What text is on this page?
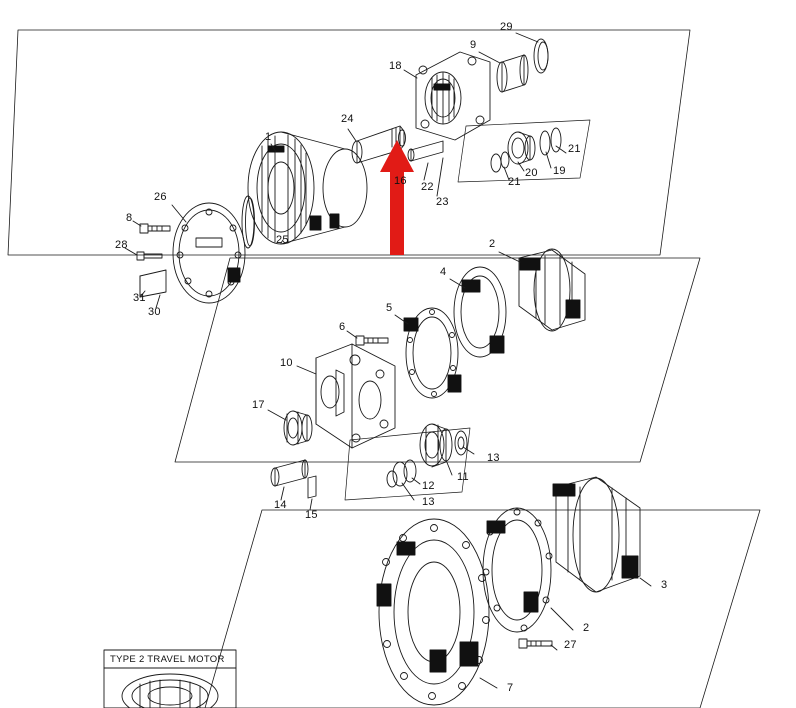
29
9
18
24
1
21
19
20
21
16 22
23
26
8
25
28	2
4
31
30	5
6
10
17
13
11
12
13
14
15
3
2
27
7
TYPE 2 TRAVEL MOTOR
